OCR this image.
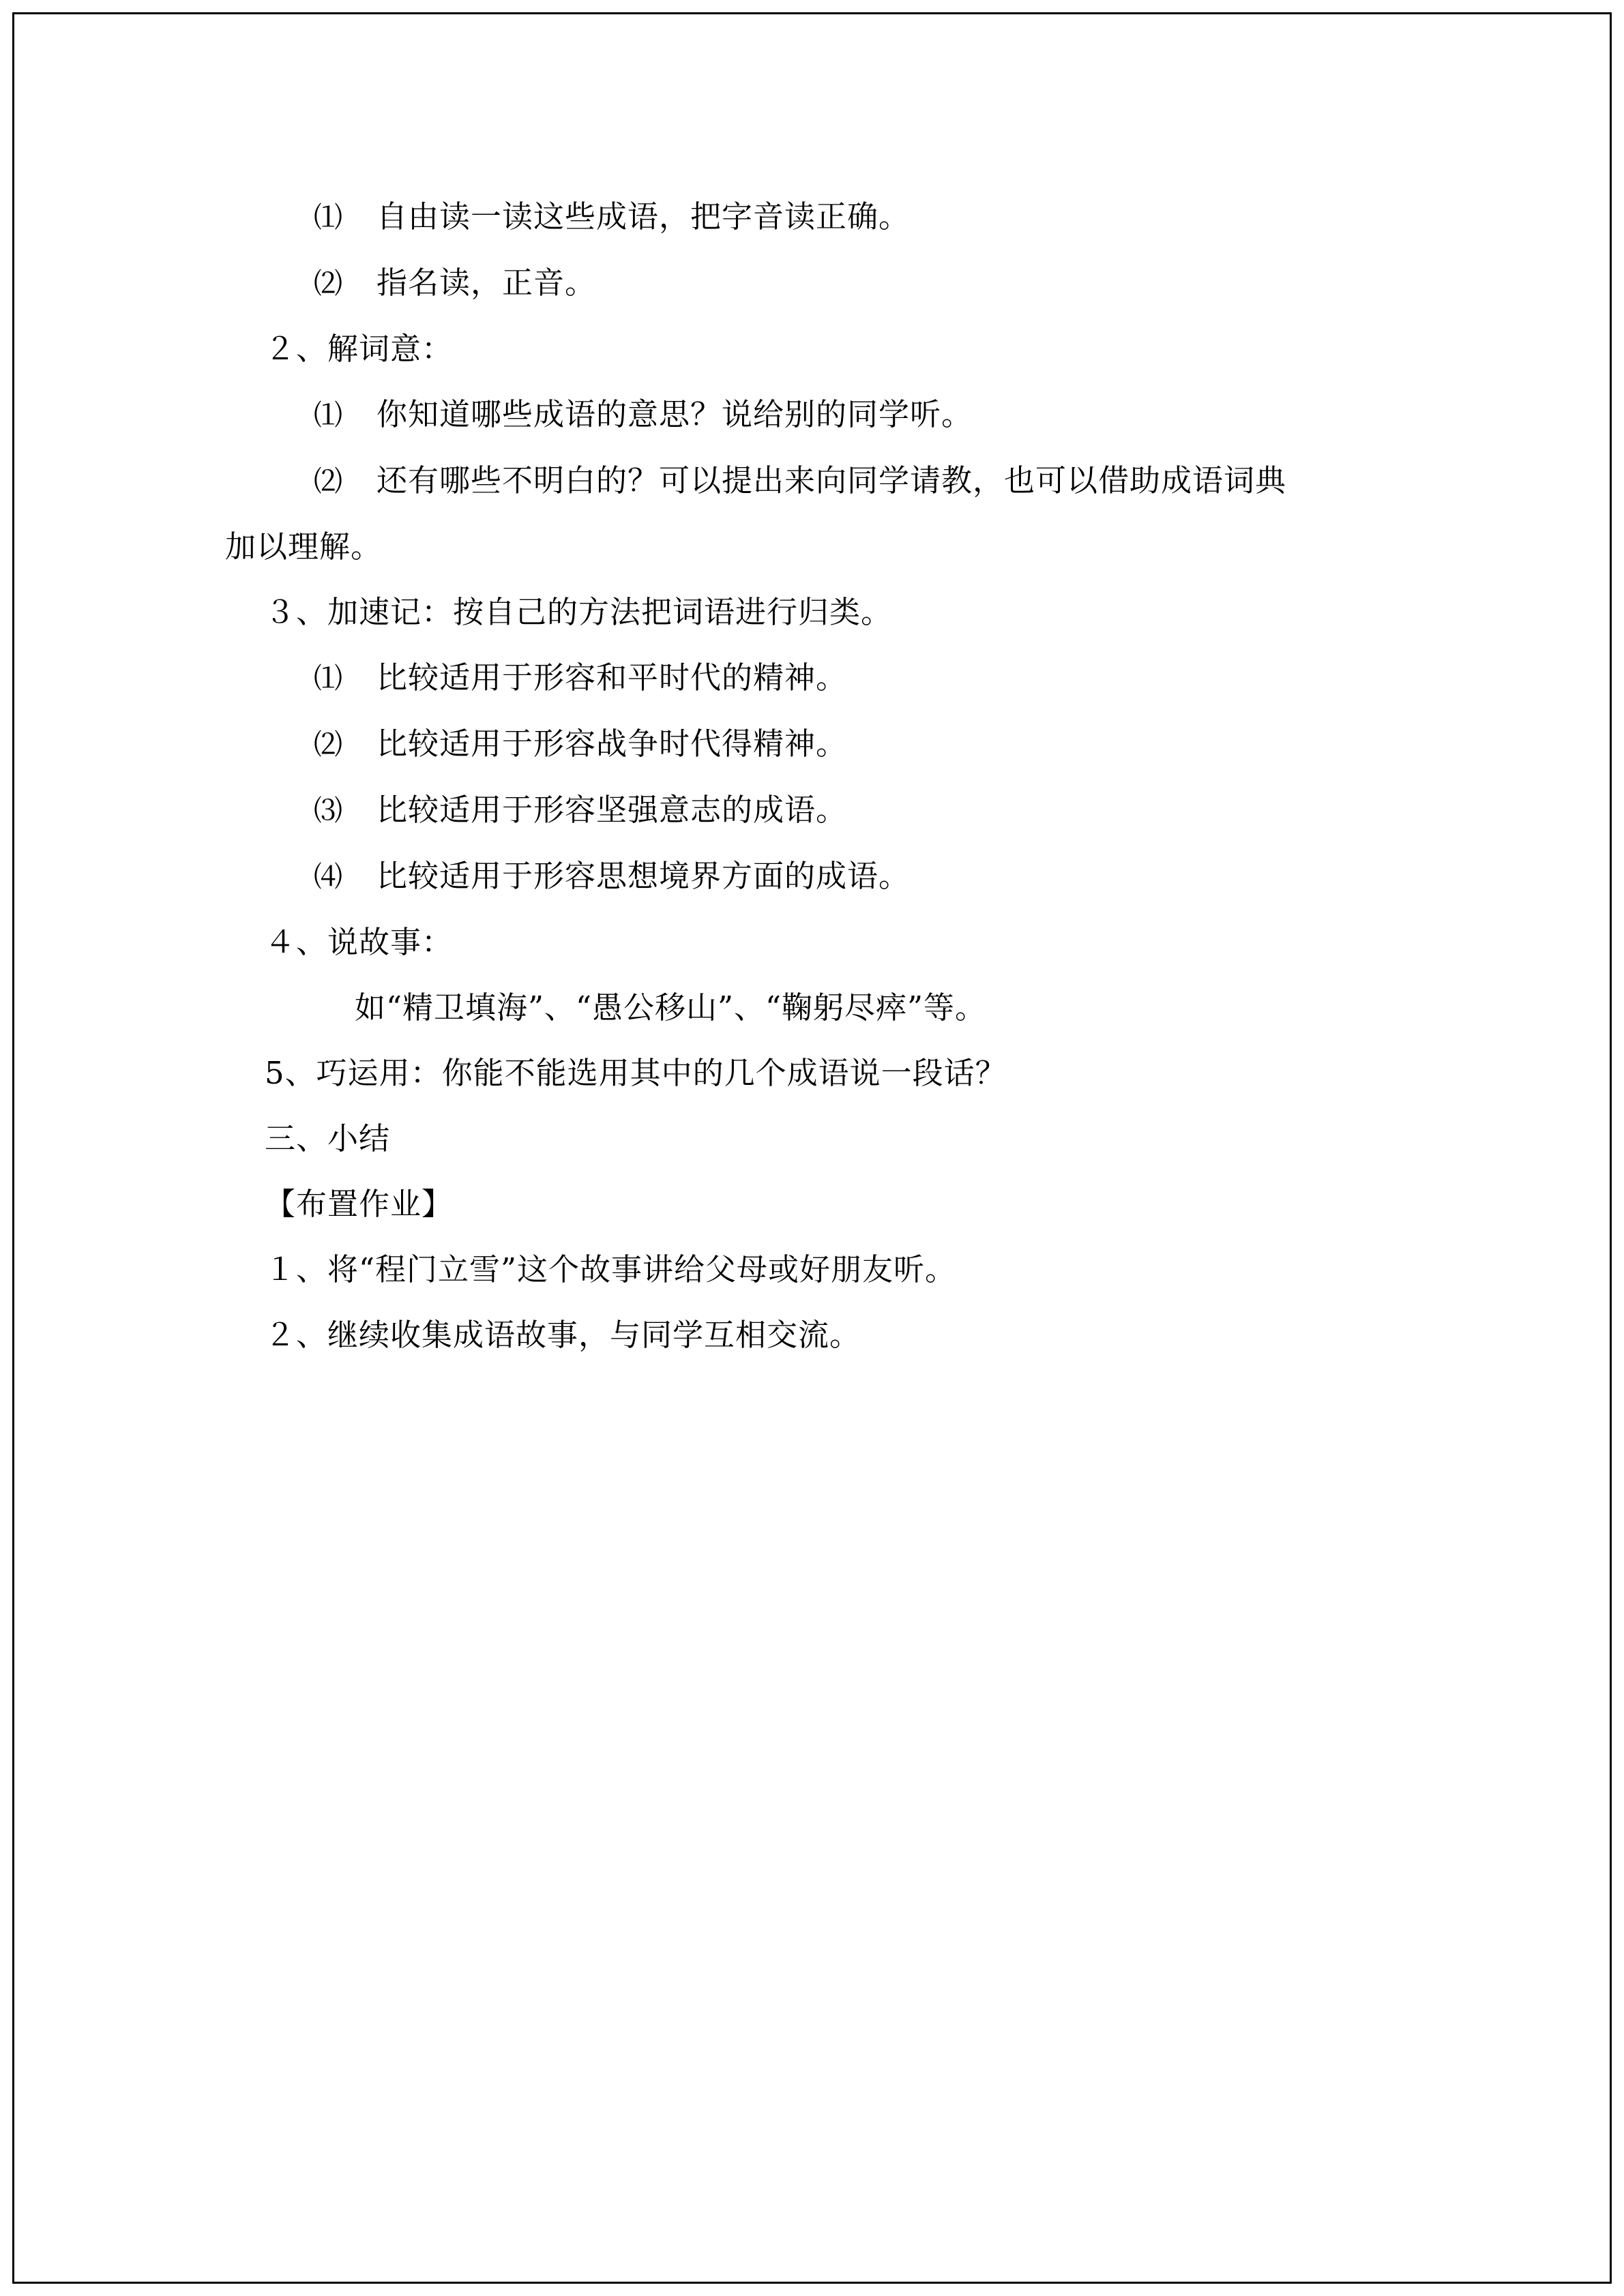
⑴ 自由读一读这些成语，把字音读正确。
⑵ 指名读，正音。
２、解词意：
⑴ 你知道哪些成语的意思？说给别的同学听。
⑵ 还有哪些不明白的？可以提出来向同学请教，也可以借助成语词典
加以理解。
３、加速记：按自己的方法把词语进行归类。
⑴ 比较适用于形容和平时代的精神。
⑵ 比较适用于形容战争时代得精神。
⑶ 比较适用于形容坚强意志的成语。
⑷ 比较适用于形容思想境界方面的成语。
４、说故事：
如“精卫填海”、“愚公移山”、“鞠躬尽瘁”等。
5、巧运用：你能不能选用其中的几个成语说一段话？
三、小结
【布置作业】
１、将“程门立雪”这个故事讲给父母或好朋友听。
２、继续收集成语故事，与同学互相交流。
